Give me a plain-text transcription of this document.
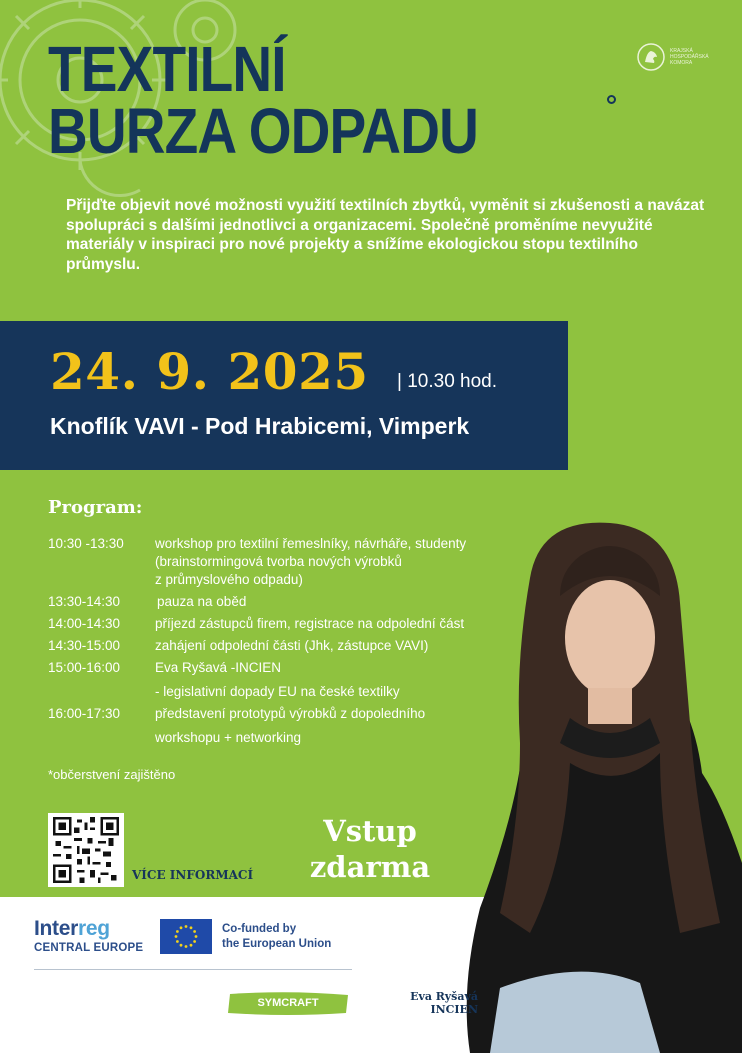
KRAJSKÁ HOSPODÁŘSKÁ KOMORA
TEXTILNÍ
BURZA ODPADU

Přijďte objevit nové možnosti využití textilních zbytků, vyměnit si zkušenosti a navázat spolupráci s dalšími jednotlivci a organizacemi. Společně proměníme nevyužité materiály v inspiraci pro nové projekty a snížíme ekologickou stopu textilního průmyslu.

24. 9. 2025 | 10.30 hod.
Knoflík VAVI - Pod Hrabicemi, Vimperk
Program:
10:30 -13:30	workshop pro textilní řemeslníky, návrháře, studenty
(brainstormingová tvorba nových výrobků
z průmyslového odpadu)
13:30-14:30	pauza na oběd
14:00-14:30	příjezd zástupců firem, registrace na odpolední část
14:30-15:00	zahájení odpolední části (Jhk, zástupce VAVI)
15:00-16:00	Eva Ryšavá -INCIEN
- legislativní dopady EU na české textilky
16:00-17:30	představení prototypů výrobků z dopoledního
workshopu + networking
*občerstvení zajištěno
VÍCE INFORMACÍ
Vstup
zdarma
Interreg
CENTRAL EUROPE
Co-funded by
the European Union
SYMCRAFT	Eva Ryšavá
INCIEN
